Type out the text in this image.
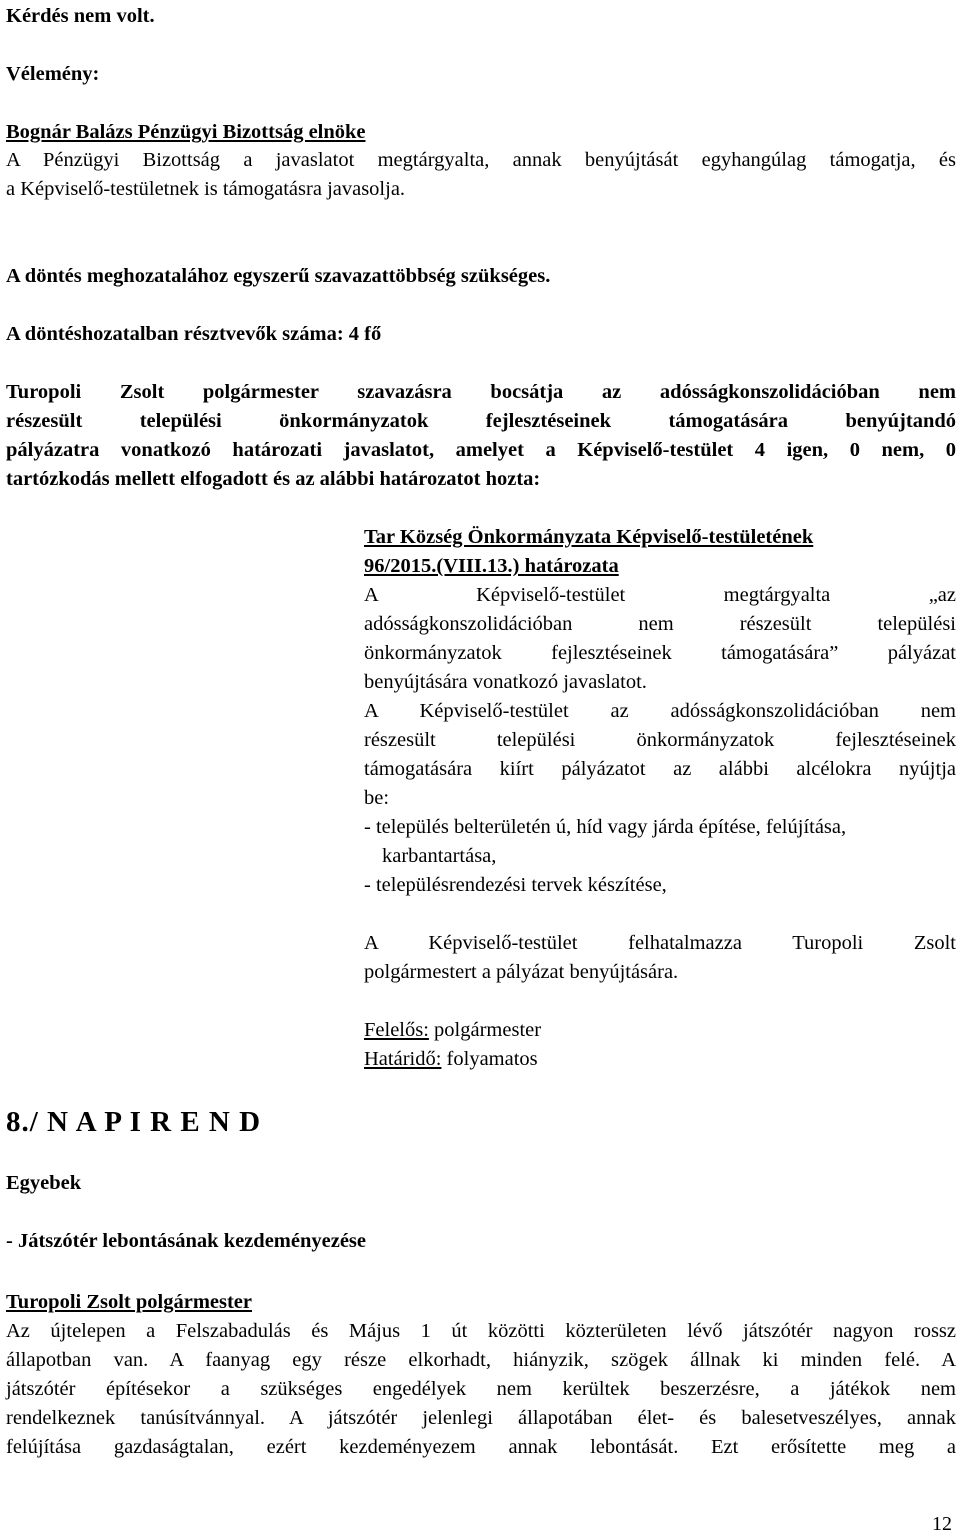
Kérdés nem volt.
Vélemény:
Bognár Balázs Pénzügyi Bizottság elnöke
A Pénzügyi Bizottság a javaslatot megtárgyalta, annak benyújtását egyhangúlag támogatja, és
a Képviselő-testületnek is támogatásra javasolja.
A döntés meghozatalához egyszerű szavazattöbbség szükséges.
A döntéshozatalban résztvevők száma: 4 fő
Turopoli Zsolt polgármester szavazásra bocsátja az adósságkonszolidációban nem
részesült települési önkormányzatok fejlesztéseinek támogatására benyújtandó
pályázatra vonatkozó határozati javaslatot, amelyet a Képviselő-testület 4 igen, 0 nem, 0
tartózkodás mellett elfogadott és az alábbi határozatot hozta:
Tar Község Önkormányzata Képviselő-testületének
96/2015.(VIII.13.) határozata
A Képviselő-testület megtárgyalta „az
adósságkonszolidációban nem részesült települési
önkormányzatok fejlesztéseinek támogatására” pályázat
benyújtására vonatkozó javaslatot.
A Képviselő-testület az adósságkonszolidációban nem
részesült települési önkormányzatok fejlesztéseinek
támogatására kiírt pályázatot az alábbi alcélokra nyújtja
be:
- település belterületén ú, híd vagy járda építése, felújítása,
karbantartása,
- településrendezési tervek készítése,
A Képviselő-testület felhatalmazza Turopoli Zsolt
polgármestert a pályázat benyújtására.
Felelős: polgármester
Határidő: folyamatos
8./ N A P I R E N D
Egyebek
- Játszótér lebontásának kezdeményezése
Turopoli Zsolt polgármester
Az újtelepen a Felszabadulás és Május 1 út közötti közterületen lévő játszótér nagyon rossz
állapotban van. A faanyag egy része elkorhadt, hiányzik, szögek állnak ki minden felé. A
játszótér építésekor a szükséges engedélyek nem kerültek beszerzésre, a játékok nem
rendelkeznek tanúsítvánnyal. A játszótér jelenlegi állapotában élet- és balesetveszélyes, annak
felújítása gazdaságtalan, ezért kezdeményezem annak lebontását. Ezt erősítette meg a
12
